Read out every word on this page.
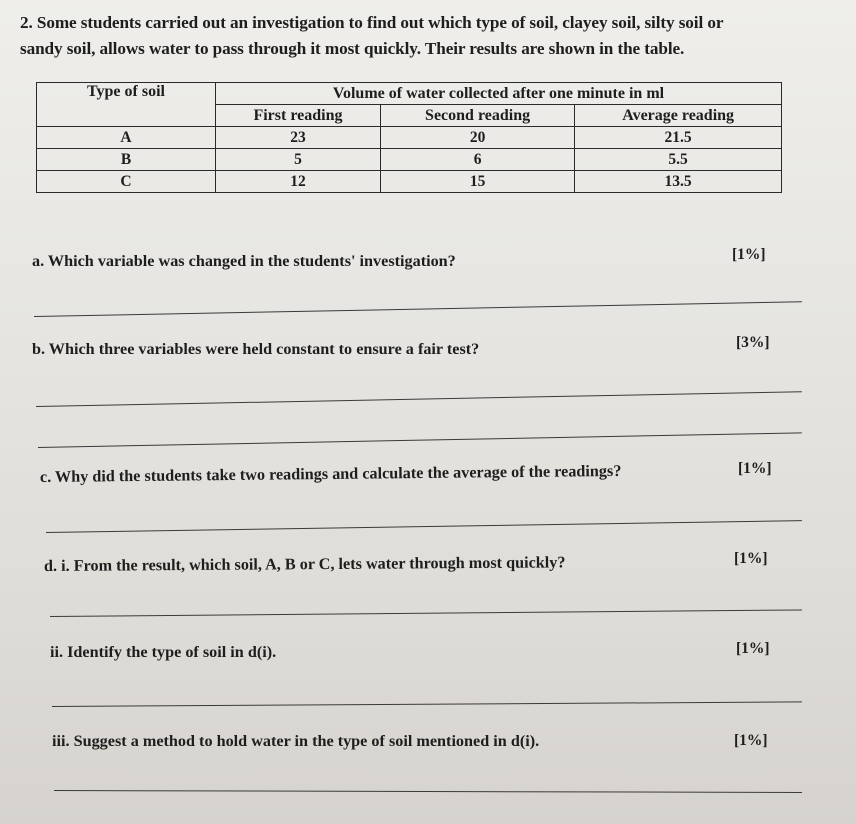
2. Some students carried out an investigation to find out which type of soil, clayey soil, silty soil or
sandy soil, allows water to pass through it most quickly. Their results are shown in the table.
Type of soil	Volume of water collected after one minute in ml		
	First reading	Second reading	Average reading
A	23	20	21.5
B	5	6	5.5
C	12	15	13.5
a. Which variable was changed in the students' investigation?	[1%]
b. Which three variables were held constant to ensure a fair test?	[3%]
c. Why did the students take two readings and calculate the average of the readings?	[1%]
d. i. From the result, which soil, A, B or C, lets water through most quickly?	[1%]
ii. Identify the type of soil in d(i).	[1%]
iii. Suggest a method to hold water in the type of soil mentioned in d(i).	[1%]
